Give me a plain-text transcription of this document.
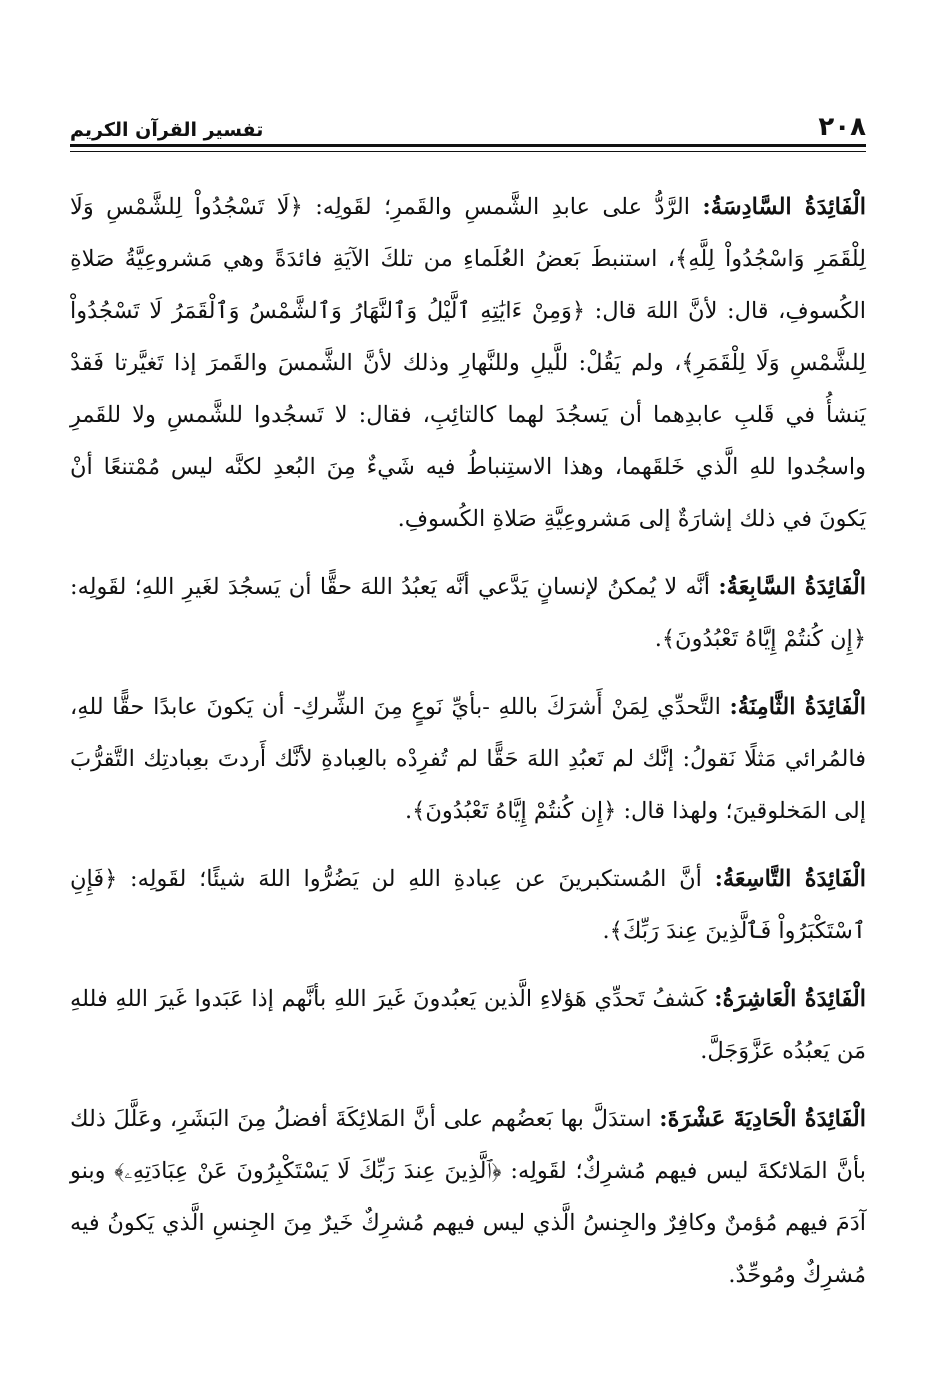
٢٠٨
تفسير القرآن الكريم

الْفَائِدَةُ السَّادِسَةُ: الرَّدُّ على عابدِ الشَّمسِ والقَمرِ؛ لقَولِه: ﴿لَا تَسْجُدُواْ لِلشَّمْسِ وَلَا لِلْقَمَرِ وَاسْجُدُواْ لِلَّهِ﴾، استنبطَ بَعضُ العُلَماءِ من تلكَ الآيَةِ فائدَةً وهي مَشروعِيَّةُ صَلاةِ الكُسوفِ، قال: لأنَّ اللهَ قال: ﴿وَمِنْ ءَايَٰتِهِ ٱلَّيْلُ وَٱلنَّهَارُ وَٱلشَّمْسُ وَٱلْقَمَرُ لَا تَسْجُدُواْ لِلشَّمْسِ وَلَا لِلْقَمَرِ﴾، ولم يَقُلْ: للَّيلِ وللنَّهارِ وذلك لأنَّ الشَّمسَ والقَمرَ إذا تَغيَّرتا فَقدْ يَنشأُ في قَلبِ عابدِهما أن يَسجُدَ لهما كالتائِبِ، فقال: لا تَسجُدوا للشَّمسِ ولا للقَمرِ واسجُدوا للهِ الَّذي خَلقَهما، وهذا الاستِنباطُ فيه شَيءٌ مِنَ البُعدِ لكنَّه ليس مُمْتنعًا أنْ يَكونَ في ذلك إشارَةٌ إلى مَشروعِيَّةِ صَلاةِ الكُسوفِ.

الْفَائِدَةُ السَّابِعَةُ: أنَّه لا يُمكنُ لإنسانٍ يَدَّعي أنَّه يَعبُدُ اللهَ حقًّا أن يَسجُدَ لغَيرِ اللهِ؛ لقَولِه: ﴿إِن كُنتُمْ إِيَّاهُ تَعْبُدُونَ﴾.

الْفَائِدَةُ الثَّامِنَةُ: التَّحدِّي لِمَنْ أَشرَكَ باللهِ -بأيِّ نَوعٍ مِنَ الشِّركِ- أن يَكونَ عابدًا حقًّا للهِ، فالمُرائي مَثلًا نَقولُ: إنَّك لم تَعبُدِ اللهَ حَقًّا لم تُفرِدْه بالعِبادةِ لأنَّك أَردتَ بعِبادتِك التَّقرُّبَ إلى المَخلوقينَ؛ ولهذا قال: ﴿إِن كُنتُمْ إِيَّاهُ تَعْبُدُونَ﴾.

الْفَائِدَةُ التَّاسِعَةُ: أنَّ المُستكبرينَ عن عِبادةِ اللهِ لن يَضُرُّوا اللهَ شيئًا؛ لقَولِه: ﴿فَإِنِ ٱسْتَكْبَرُواْ فَٱلَّذِينَ عِندَ رَبِّكَ﴾.

الْفَائِدَةُ الْعَاشِرَةُ: كَشفُ تَحدِّي هَؤلاءِ الَّذين يَعبُدونَ غَيرَ اللهِ بأنَّهم إذا عَبَدوا غَيرَ اللهِ فللهِ مَن يَعبُدُه عَزَّوَجَلَّ.

الْفَائِدَةُ الْحَادِيَةَ عَشْرَةَ: استدَلَّ بها بَعضُهم على أنَّ المَلائِكَةَ أفضلُ مِنَ البَشَرِ، وعَلَّلَ ذلك بأنَّ المَلائكةَ ليس فيهم مُشرِكٌ؛ لقَولِه: ﴿ٱلَّذِينَ عِندَ رَبِّكَ لَا يَسْتَكْبِرُونَ عَنْ عِبَادَتِهِۦ﴾ وبنو آدَمَ فيهم مُؤمنٌ وكافِرٌ والجِنسُ الَّذي ليس فيهم مُشرِكٌ خَيرٌ مِنَ الجِنسِ الَّذي يَكونُ فيه مُشرِكٌ ومُوحِّدٌ.
